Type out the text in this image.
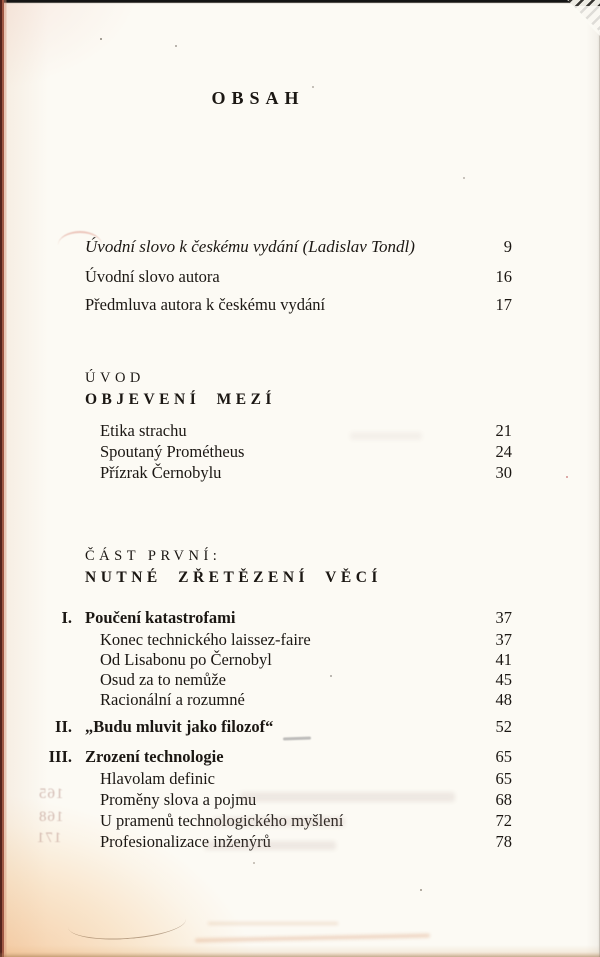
OBSAH
Úvodní slovo k českému vydání (Ladislav Tondl)	9
Úvodní slovo autora	16
Předmluva autora k českému vydání	17
ÚVOD
OBJEVENÍ MEZÍ
Etika strachu	21
Spoutaný Prométheus	24
Přízrak Černobylu	30
ČÁST PRVNÍ:
NUTNÉ ZŘETĚZENÍ VĚCÍ
I. Poučení katastrofami	37
Konec technického laissez-faire	37
Od Lisabonu po Černobyl	41
Osud za to nemůže	45
Racionální a rozumné	48
II. „Budu mluvit jako filozof“	52
III. Zrození technologie	65
Hlavolam definic	65
Proměny slova a pojmu	68
U pramenů technologického myšlení	72
Profesionalizace inženýrů	78
165
168
171
